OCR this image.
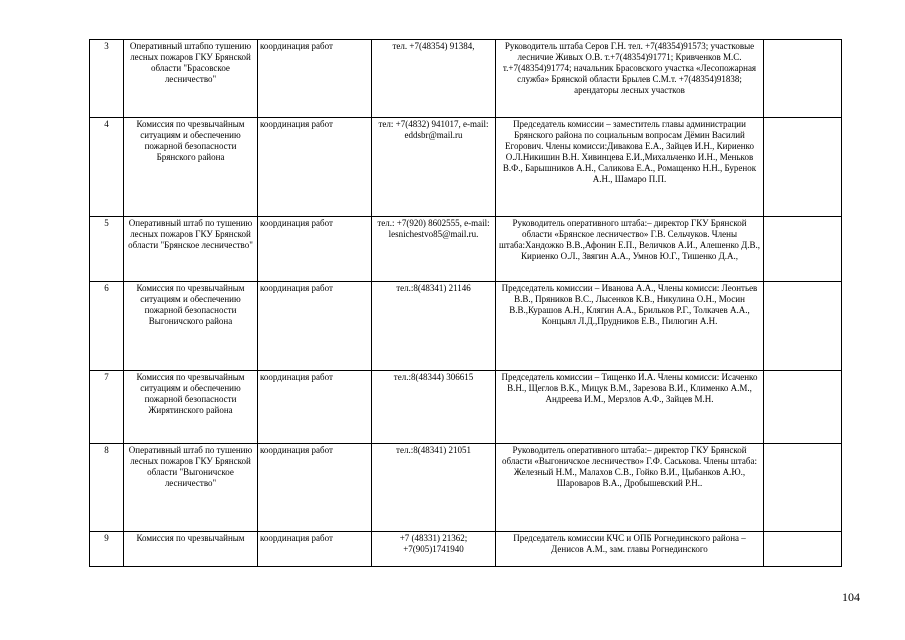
3	Оперативный штабпо тушению лесных пожаров ГКУ Брянской области "Брасовское лесничество"	координация работ	тел. +7(48354) 91384,	Руководитель штаба Серов Г.Н. тел. +7(48354)91573; участковые лесничие Живых О.В. т.+7(48354)91771; Кривченков М.С. т.+7(48354)91774; начальник Брасовского участка «Лесопожарная служба» Брянской области Брылев С.М.т. +7(48354)91838; арендаторы лесных участков	
4	Комиссия по чрезвычайным ситуациям и обеспечению пожарной безопасности Брянского района	координация работ	тел: +7(4832) 941017, e-mail: eddsbr@mail.ru	Председатель комиссии – заместитель главы администрации Брянского района по социальным вопросам Дёмин Василий Егорович. Члены комисси:Дивакова Е.А., Зайцев И.Н., Кириенко О.Л.Никишин В.Н. Хивинцева Е.И.,Михальченко И.Н., Меньков В.Ф., Барышников А.Н., Саликова Е.А., Ромащенко Н.Н., Буренок А.Н., Шамаро П.П.	
5	Оперативный штаб по тушению лесных пожаров ГКУ Брянской области "Брянское лесничество"	координация работ	тел.: +7(920) 8602555, e-mail: lesnichestvo85@mail.ru.	Руководитель оперативного штаба:– директор ГКУ Брянской области «Брянское лесничество» Г.В. Сельчуков. Члены штаба:Хандожко В.В.,Афонин Е.П., Величков А.И., Алешенко Д.В., Кириенко О.Л., Звягин А.А., Умнов Ю.Г., Тишенко Д.А.,	
6	Комиссия по чрезвычайным ситуациям и обеспечению пожарной безопасности Выгоничского района	координация работ	тел.:8(48341) 21146	Председатель комиссии – Иванова А.А., Члены комисси: Леонтьев В.В., Пряников В.С., Лысенков К.В., Никулина О.Н., Мосин В.В.,Курашов А.Н., Клягин А.А., Брильков Р.Г., Толкачев А.А., Концыял Л.Д.,Прудников Е.В., Пилюгин А.Н.	
7	Комиссия по чрезвычайным ситуациям и обеспечению пожарной безопасности Жирятинского района	координация работ	тел.:8(48344) 306615	Председатель комиссии – Тищенко И.А. Члены комисси: Исаченко В.Н., Щеглов В.К., Мицук В.М., Зарезова В.И., Клименко А.М., Андреева И.М., Мерзлов А.Ф., Зайцев М.Н.	
8	Оперативный штаб по тушению лесных пожаров ГКУ Брянской области "Выгоничское лесничество"	координация работ	тел.:8(48341) 21051	Руководитель оперативного штаба:– директор ГКУ Брянской области «Выгоничское лесничество» Г.Ф. Саськова. Члены штаба: Железный Н.М., Малахов С.В., Гойко В.И., Цыбанков А.Ю., Шароваров В.А., Дробышевский Р.Н..	
9	Комиссия по чрезвычайным	координация работ	+7 (48331) 21362; +7(905)1741940	Председатель комиссии КЧС и ОПБ Рогнединского района – Денисов А.М., зам. главы Рогнединского	
104
